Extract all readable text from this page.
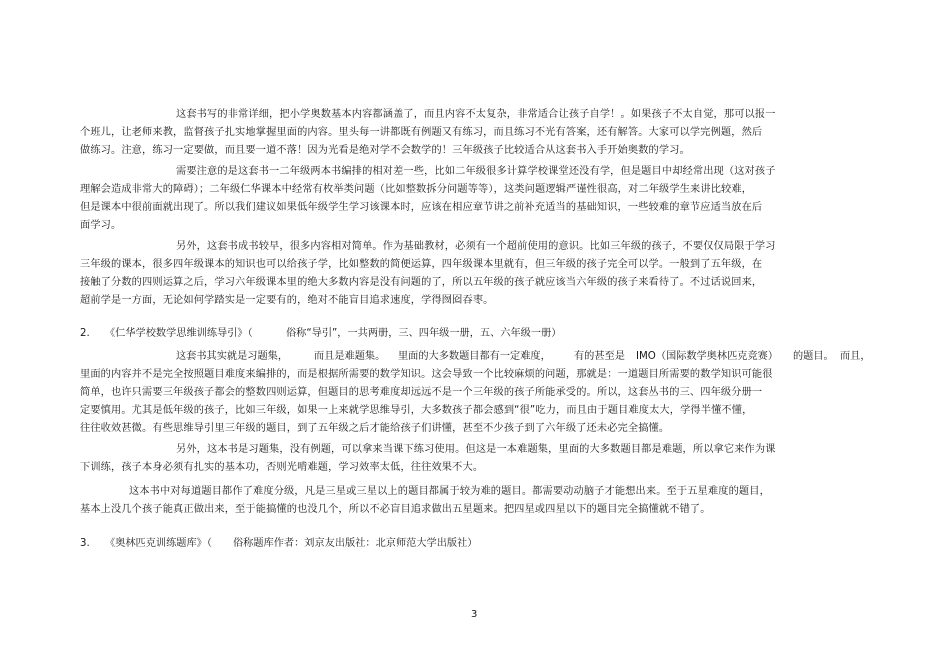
这套书写的非常详细，把小学奥数基本内容都涵盖了，而且内容不太复杂，非常适合让孩子自学！。如果孩子不太自觉，那可以报一
个班儿，让老师来教，监督孩子扎实地掌握里面的内容。里头每一讲都既有例题又有练习，而且练习不光有答案，还有解答。大家可以学完例题，然后
做练习。注意，练习一定要做，而且要一道不落！因为光看是绝对学不会数学的！三年级孩子比较适合从这套书入手开始奥数的学习。
需要注意的是这套书一二年级两本书编排的相对差一些，比如二年级很多计算学校课堂还没有学，但是题目中却经常出现（这对孩子
理解会造成非常大的障碍）；二年级仁华课本中经常有枚举类问题（比如整数拆分问题等等），这类问题逻辑严谨性很高，对二年级学生来讲比较难，
但是课本中很前面就出现了。所以我们建议如果低年级学生学习该课本时，应该在相应章节讲之前补充适当的基础知识，一些较难的章节应适当放在后
面学习。
另外，这套书成书较早，很多内容相对简单。作为基础教材，必须有一个超前使用的意识。比如三年级的孩子，不要仅仅局限于学习
三年级的课本，很多四年级课本的知识也可以给孩子学，比如整数的简便运算，四年级课本里就有，但三年级的孩子完全可以学。一般到了五年级，在
接触了分数的四则运算之后，学习六年级课本里的绝大多数内容是没有问题的了，所以五年级的孩子就应该当六年级的孩子来看待了。不过话说回来，
超前学是一方面，无论如何学踏实是一定要有的，绝对不能盲目追求速度，学得囫囵吞枣。
2. 《仁华学校数学思维训练导引》（	俗称“导引”，一共两册，三、四年级一册，五、六年级一册）
这套书其实就是习题集，	而且是难题集。 里面的大多数题目都有一定难度， 有的甚至是 IMO（国际数学奥林匹克竞赛） 的题目。 而且，
里面的内容并不是完全按照题目难度来编排的，而是根据所需要的数学知识。这会导致一个比较麻烦的问题，那就是：一道题目所需要的数学知识可能很
简单，也许只需要三年级孩子都会的整数四则运算，但题目的思考难度却远远不是一个三年级的孩子所能承受的。所以，这套丛书的三、四年级分册一
定要慎用。尤其是低年级的孩子，比如三年级，如果一上来就学思维导引，大多数孩子都会感到“很”吃力，而且由于题目难度太大，学得半懂不懂，
往往收效甚微。有些思维导引里三年级的题目，到了五年级之后才能给孩子们讲懂，甚至不少孩子到了六年级了还未必完全搞懂。
另外，这本书是习题集，没有例题，可以拿来当课下练习使用。但这是一本难题集，里面的大多数题目都是难题，所以拿它来作为课
下训练，孩子本身必须有扎实的基本功，否则光啃难题，学习效率太低，往往效果不大。
这本书中对每道题目都作了难度分级，凡是三星或三星以上的题目都属于较为难的题目。都需要动动脑子才能想出来。至于五星难度的题目，
基本上没几个孩子能真正做出来，至于能搞懂的也没几个，所以不必盲目追求做出五星题来。把四星或四星以下的题目完全搞懂就不错了。
3. 《奥林匹克训练题库》（ 俗称题库作者：刘京友出版社：北京师范大学出版社）
3
